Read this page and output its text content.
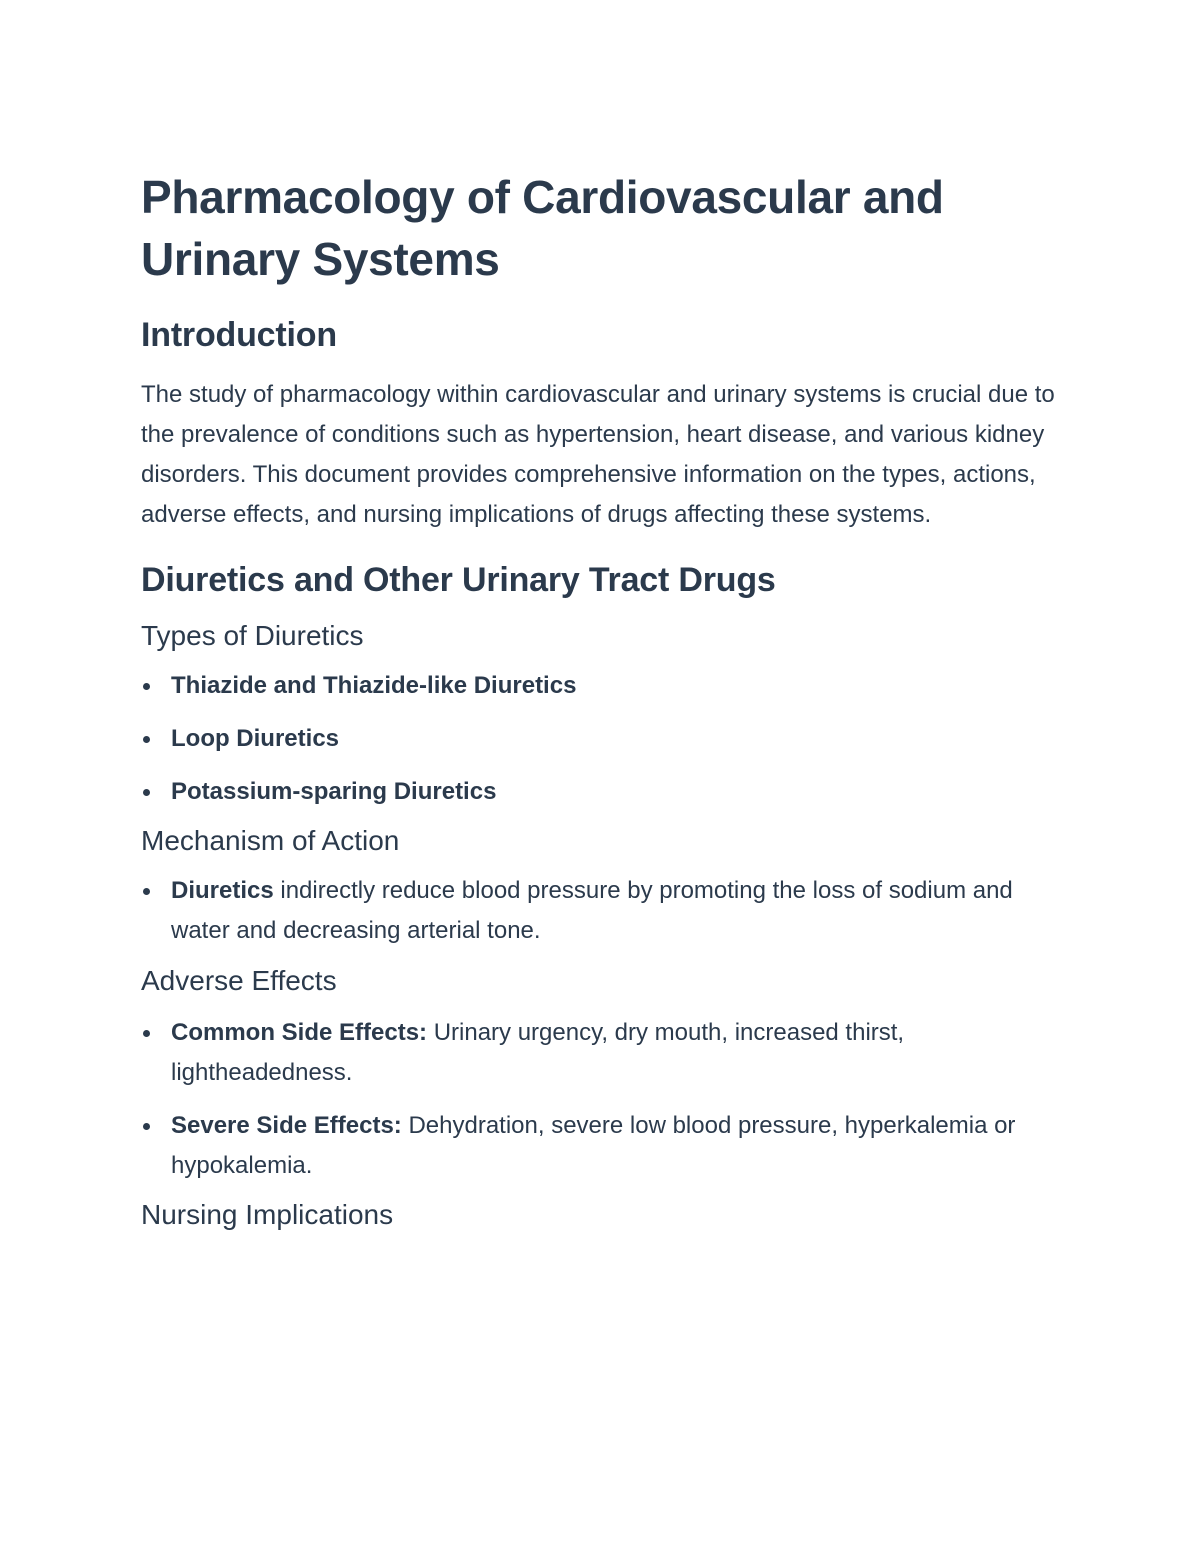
Pharmacology of Cardiovascular and Urinary Systems
Introduction

The study of pharmacology within cardiovascular and urinary systems is crucial due to the prevalence of conditions such as hypertension, heart disease, and various kidney disorders. This document provides comprehensive information on the types, actions, adverse effects, and nursing implications of drugs affecting these systems.

Diuretics and Other Urinary Tract Drugs
Types of Diuretics
Thiazide and Thiazide-like Diuretics
Loop Diuretics
Potassium-sparing Diuretics
Mechanism of Action
Diuretics indirectly reduce blood pressure by promoting the loss of sodium and water and decreasing arterial tone.
Adverse Effects
Common Side Effects: Urinary urgency, dry mouth, increased thirst, lightheadedness.
Severe Side Effects: Dehydration, severe low blood pressure, hyperkalemia or hypokalemia.
Nursing Implications
